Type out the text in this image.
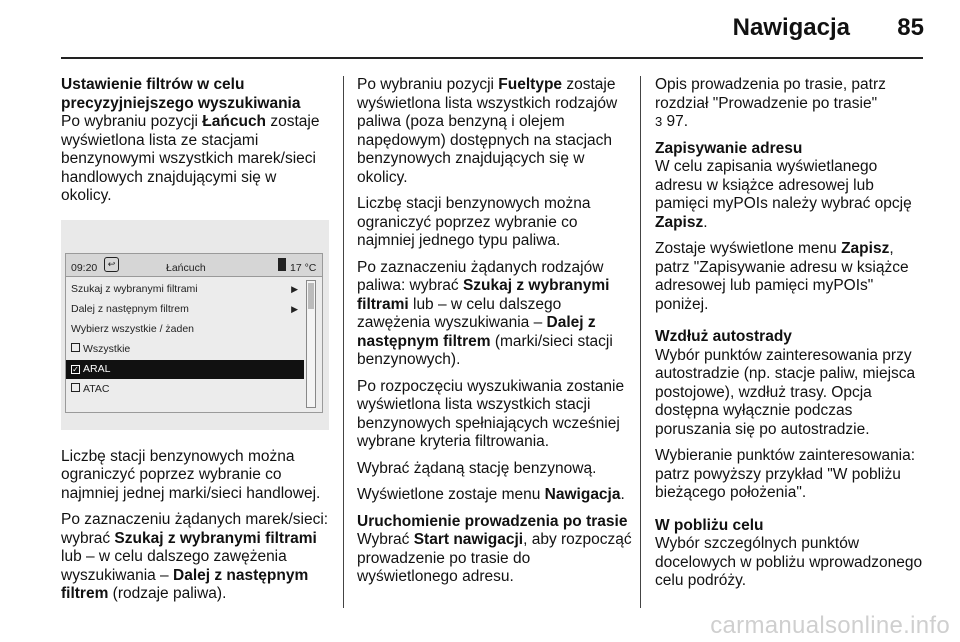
Nawigacja	85

Ustawienie filtrów w celu precyzyjniejszego wyszukiwania
Po wybraniu pozycji Łańcuch zostaje wyświetlona lista ze stacjami benzynowymi wszystkich marek/sieci handlowych znajdującymi się w okolicy.

09:20	↩	Łańcuch	17 °C
Szukaj z wybranymi filtrami	▶
Dalej z następnym filtrem	▶
Wybierz wszystkie / żaden
Wszystkie
✓ ARAL
ATAC

Liczbę stacji benzynowych można ograniczyć poprzez wybranie co najmniej jednej marki/sieci handlowej.

Po zaznaczeniu żądanych marek/sieci: wybrać Szukaj z wybranymi filtrami lub – w celu dalszego zawężenia wyszukiwania – Dalej z następnym filtrem (rodzaje paliwa).

Po wybraniu pozycji Fueltype zostaje wyświetlona lista wszystkich rodzajów paliwa (poza benzyną i olejem napędowym) dostępnych na stacjach benzynowych znajdujących się w okolicy.

Liczbę stacji benzynowych można ograniczyć poprzez wybranie co najmniej jednego typu paliwa.

Po zaznaczeniu żądanych rodzajów paliwa: wybrać Szukaj z wybranymi filtrami lub – w celu dalszego zawężenia wyszukiwania – Dalej z następnym filtrem (marki/sieci stacji benzynowych).

Po rozpoczęciu wyszukiwania zostanie wyświetlona lista wszystkich stacji benzynowych spełniających wcześniej wybrane kryteria filtrowania.

Wybrać żądaną stację benzynową.

Wyświetlone zostaje menu Nawigacja.

Uruchomienie prowadzenia po trasie
Wybrać Start nawigacji, aby rozpocząć prowadzenie po trasie do wyświetlonego adresu.

Opis prowadzenia po trasie, patrz rozdział "Prowadzenie po trasie"
3 97.

Zapisywanie adresu
W celu zapisania wyświetlanego adresu w książce adresowej lub pamięci myPOIs należy wybrać opcję Zapisz.

Zostaje wyświetlone menu Zapisz, patrz "Zapisywanie adresu w książce adresowej lub pamięci myPOIs" poniżej.

Wzdłuż autostrady
Wybór punktów zainteresowania przy autostradzie (np. stacje paliw, miejsca postojowe), wzdłuż trasy. Opcja dostępna wyłącznie podczas poruszania się po autostradzie.

Wybieranie punktów zainteresowania: patrz powyższy przykład "W pobliżu bieżącego położenia".

W pobliżu celu
Wybór szczególnych punktów docelowych w pobliżu wprowadzonego celu podróży.

carmanualsonline.info
